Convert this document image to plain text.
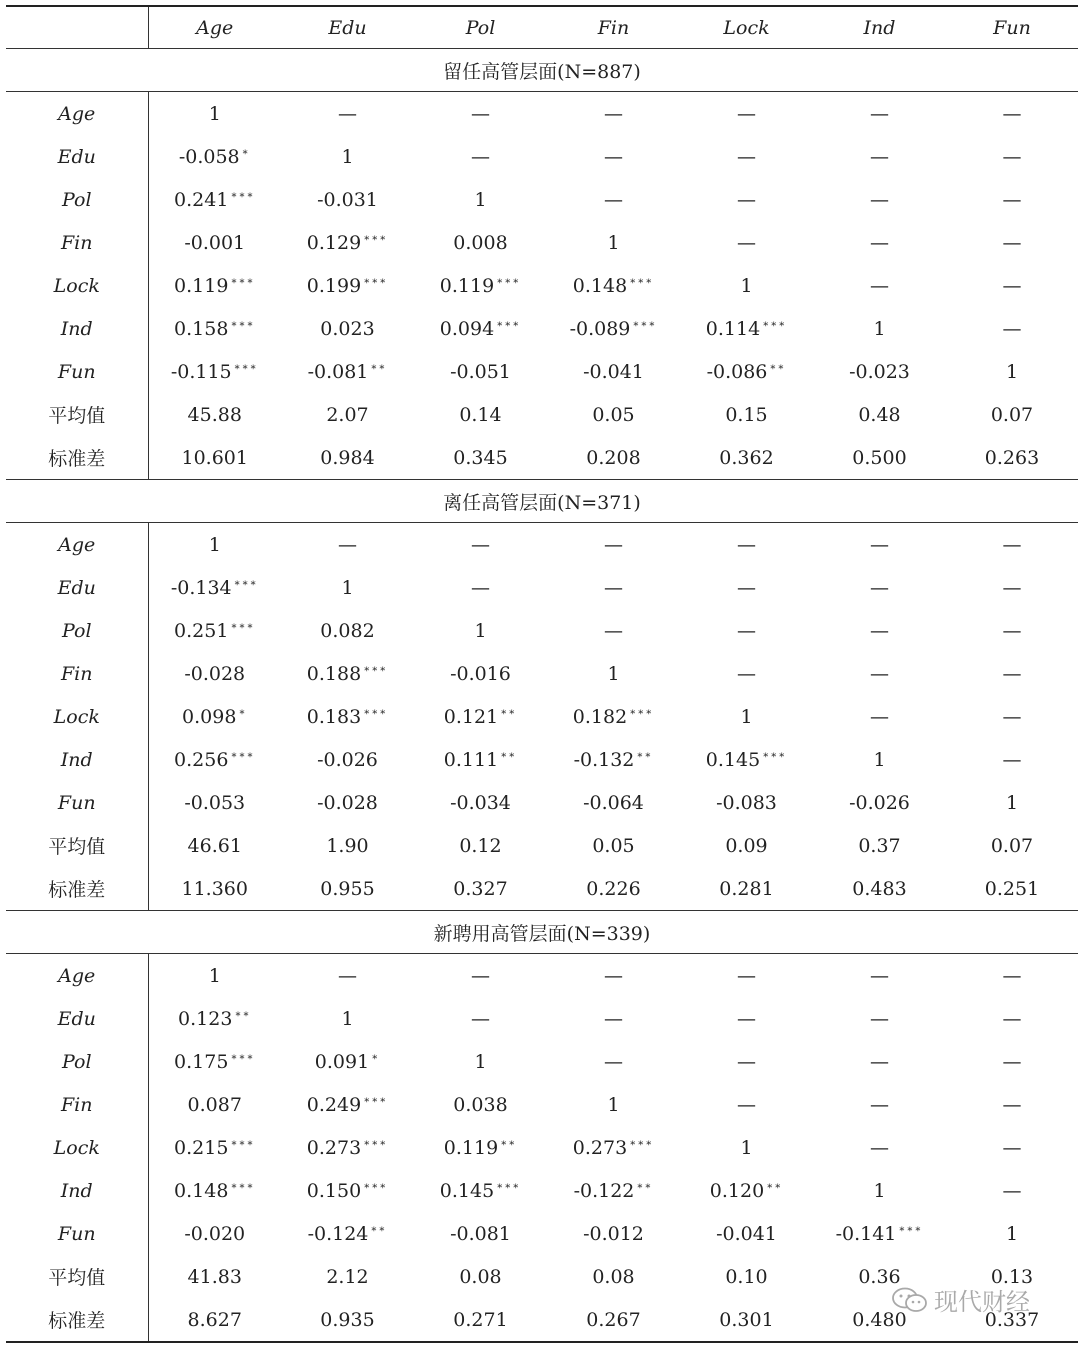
	Age	Edu	Pol	Fin	Lock	Ind	Fun
留任高管层面(N=887)							
Age	1	—	—	—	—	—	—
Edu	-0.058 *	1	—	—	—	—	—
Pol	0.241 ***	-0.031	1	—	—	—	—
Fin	-0.001	0.129 ***	0.008	1	—	—	—
Lock	0.119 ***	0.199 ***	0.119 ***	0.148 ***	1	—	—
Ind	0.158 ***	0.023	0.094 ***	-0.089 ***	0.114 ***	1	—
Fun	-0.115 ***	-0.081 **	-0.051	-0.041	-0.086 **	-0.023	1
平均值	45.88	2.07	0.14	0.05	0.15	0.48	0.07
标准差	10.601	0.984	0.345	0.208	0.362	0.500	0.263
离任高管层面(N=371)							
Age	1	—	—	—	—	—	—
Edu	-0.134 ***	1	—	—	—	—	—
Pol	0.251 ***	0.082	1	—	—	—	—
Fin	-0.028	0.188 ***	-0.016	1	—	—	—
Lock	0.098 *	0.183 ***	0.121 **	0.182 ***	1	—	—
Ind	0.256 ***	-0.026	0.111 **	-0.132 **	0.145 ***	1	—
Fun	-0.053	-0.028	-0.034	-0.064	-0.083	-0.026	1
平均值	46.61	1.90	0.12	0.05	0.09	0.37	0.07
标准差	11.360	0.955	0.327	0.226	0.281	0.483	0.251
新聘用高管层面(N=339)							
Age	1	—	—	—	—	—	—
Edu	0.123 **	1	—	—	—	—	—
Pol	0.175 ***	0.091 *	1	—	—	—	—
Fin	0.087	0.249 ***	0.038	1	—	—	—
Lock	0.215 ***	0.273 ***	0.119 **	0.273 ***	1	—	—
Ind	0.148 ***	0.150 ***	0.145 ***	-0.122 **	0.120 **	1	—
Fun	-0.020	-0.124 **	-0.081	-0.012	-0.041	-0.141 ***	1
平均值	41.83	2.12	0.08	0.08	0.10	0.36	0.13
标准差	8.627	0.935	0.271	0.267	0.301	0.480	0.337
现代财经
